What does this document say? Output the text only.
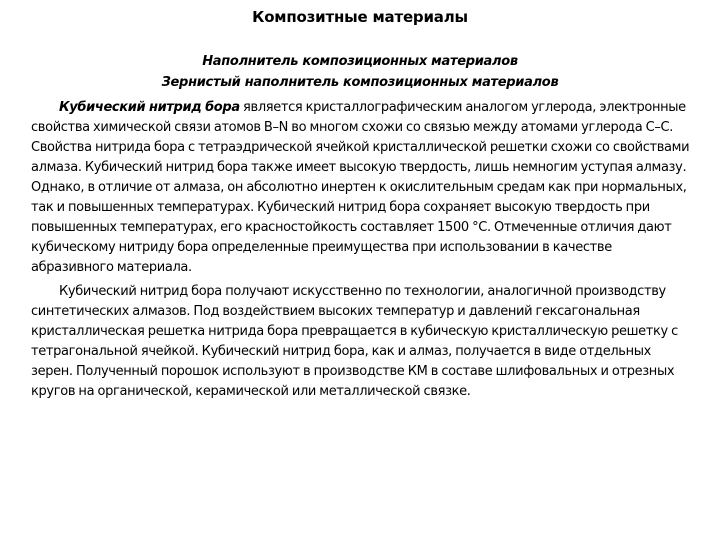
Композитные материалы
Наполнитель композиционных материалов
Зернистый наполнитель композиционных материалов

Кубический нитрид бора является кристаллографическим аналогом углерода, электронные свойства химической связи атомов B–N во многом схожи со связью между атомами углерода C–C. Свойства нитрида бора с тетраэдрической ячейкой кристаллической решетки схожи со свойствами алмаза. Кубический нитрид бора также имеет высокую твердость, лишь немногим уступая алмазу. Однако, в отличие от алмаза, он абсолютно инертен к окислительным средам как при нормальных, так и повышенных температурах. Кубический нитрид бора сохраняет высокую твердость при повышенных температурах, его красностойкость составляет 1500 °С. Отмеченные отличия дают кубическому нитриду бора определенные преимущества при использовании в качестве абразивного материала.

Кубический нитрид бора получают искусственно по технологии, аналогичной производству синтетических алмазов. Под воздействием высоких температур и давлений гексагональная кристаллическая решетка нитрида бора превращается в кубическую кристаллическую решетку с тетрагональной ячейкой. Кубический нитрид бора, как и алмаз, получается в виде отдельных зерен. Полученный порошок используют в производстве КМ в составе шлифовальных и отрезных кругов на органической, керамической или металлической связке.
